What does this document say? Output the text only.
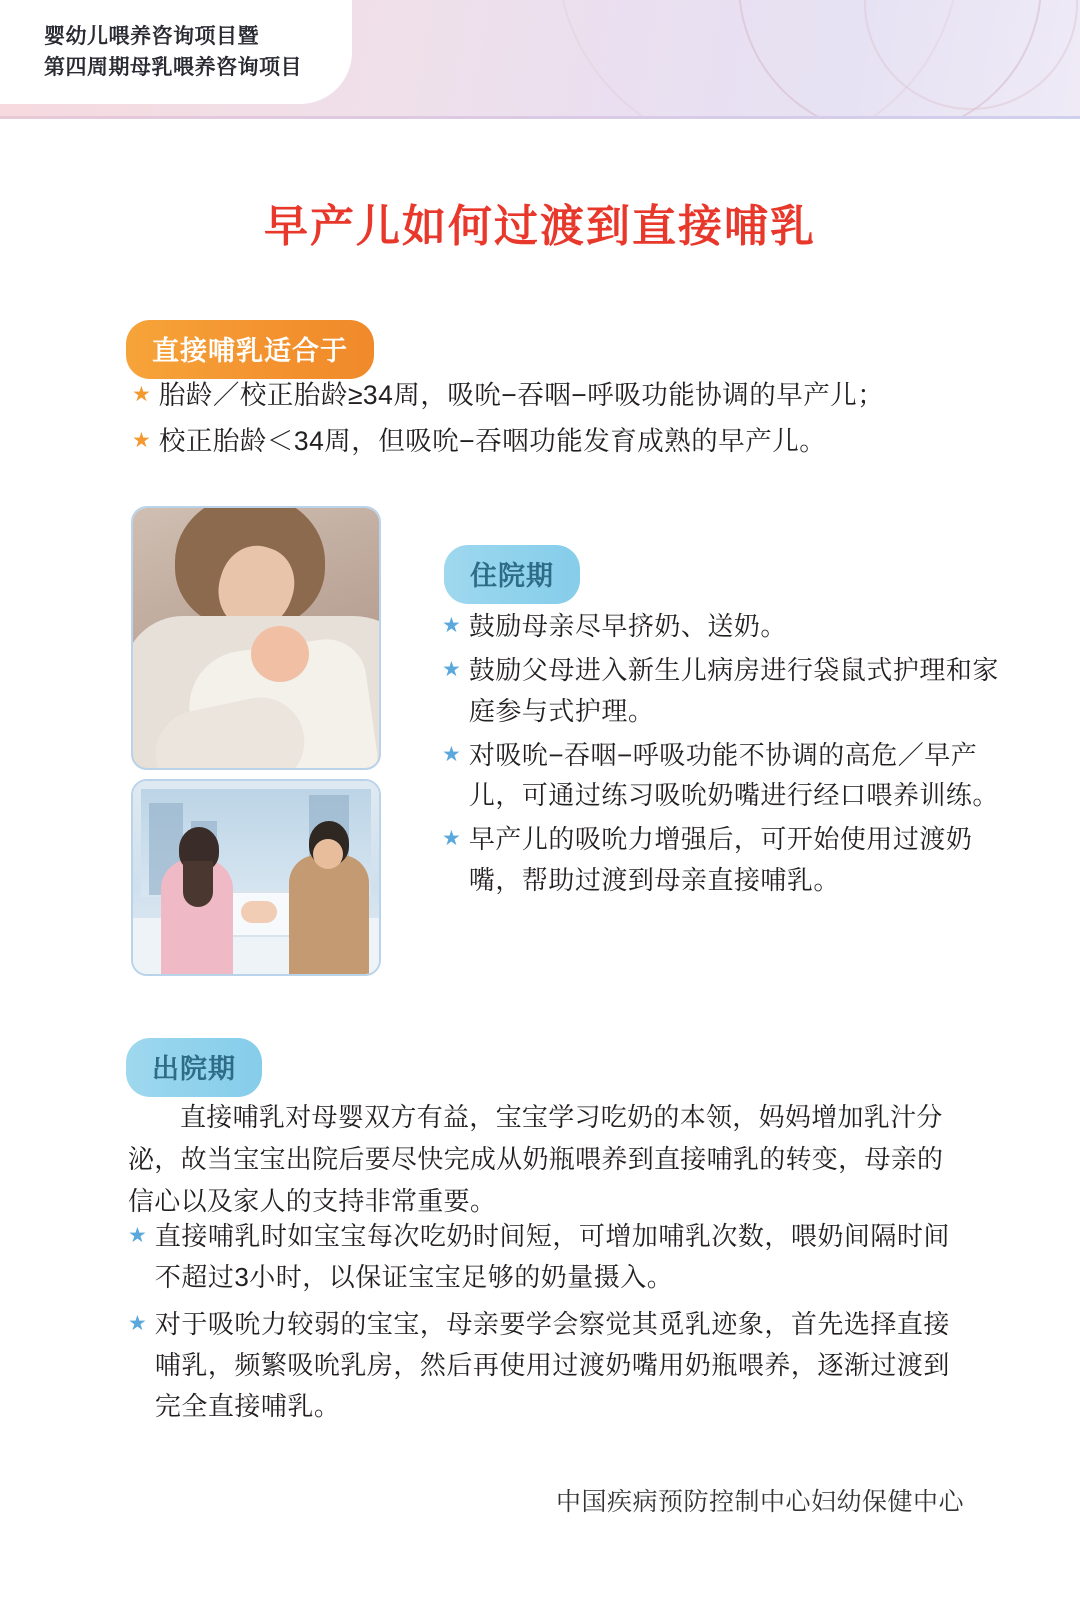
婴幼儿喂养咨询项目暨
第四周期母乳喂养咨询项目
早产儿如何过渡到直接哺乳
直接哺乳适合于
★ 胎龄／校正胎龄≥34周，吸吮−吞咽−呼吸功能协调的早产儿；
★ 校正胎龄＜34周，但吸吮−吞咽功能发育成熟的早产儿。
住院期
★ 鼓励母亲尽早挤奶、送奶。
★ 鼓励父母进入新生儿病房进行袋鼠式护理和家庭参与式护理。
★ 对吸吮−吞咽−呼吸功能不协调的高危／早产儿，可通过练习吸吮奶嘴进行经口喂养训练。
★ 早产儿的吸吮力增强后，可开始使用过渡奶嘴，帮助过渡到母亲直接哺乳。
出院期
直接哺乳对母婴双方有益，宝宝学习吃奶的本领，妈妈增加乳汁分泌，故当宝宝出院后要尽快完成从奶瓶喂养到直接哺乳的转变，母亲的信心以及家人的支持非常重要。
★ 直接哺乳时如宝宝每次吃奶时间短，可增加哺乳次数，喂奶间隔时间不超过3小时，以保证宝宝足够的奶量摄入。
★ 对于吸吮力较弱的宝宝，母亲要学会察觉其觅乳迹象，首先选择直接哺乳，频繁吸吮乳房，然后再使用过渡奶嘴用奶瓶喂养，逐渐过渡到完全直接哺乳。
中国疾病预防控制中心妇幼保健中心
